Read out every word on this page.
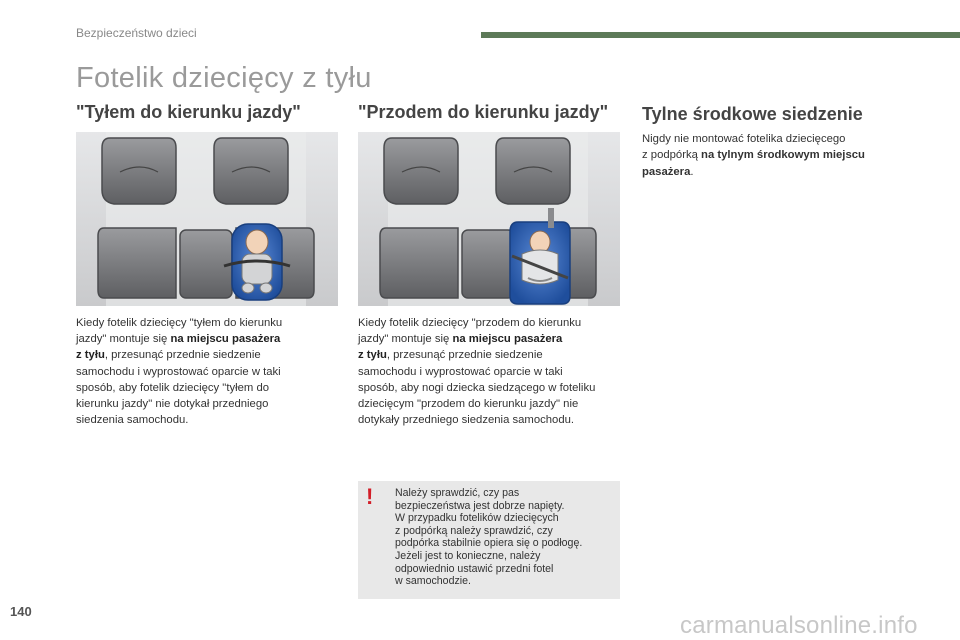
Bezpieczeństwo dzieci
Fotelik dziecięcy z tyłu
"Tyłem do kierunku jazdy"	"Przodem do kierunku jazdy" Tylne środkowe siedzenie
Kiedy fotelik dziecięcy "tyłem do kierunku
jazdy" montuje się na miejscu pasażera
z tyłu, przesunąć przednie siedzenie
samochodu i wyprostować oparcie w taki
sposób, aby fotelik dziecięcy "tyłem do
kierunku jazdy" nie dotykał przedniego
siedzenia samochodu.
Kiedy fotelik dziecięcy "przodem do kierunku
jazdy" montuje się na miejscu pasażera
z tyłu, przesunąć przednie siedzenie
samochodu i wyprostować oparcie w taki
sposób, aby nogi dziecka siedzącego w foteliku
dziecięcym "przodem do kierunku jazdy" nie
dotykały przedniego siedzenia samochodu.
Nigdy nie montować fotelika dziecięcego
z podpórką na tylnym środkowym miejscu
pasażera.
! Należy sprawdzić, czy pas
bezpieczeństwa jest dobrze napięty.
W przypadku fotelików dziecięcych
z podpórką należy sprawdzić, czy
podpórka stabilnie opiera się o podłogę.
Jeżeli jest to konieczne, należy
odpowiednio ustawić przedni fotel
w samochodzie.
140
carmanualsonline.info
